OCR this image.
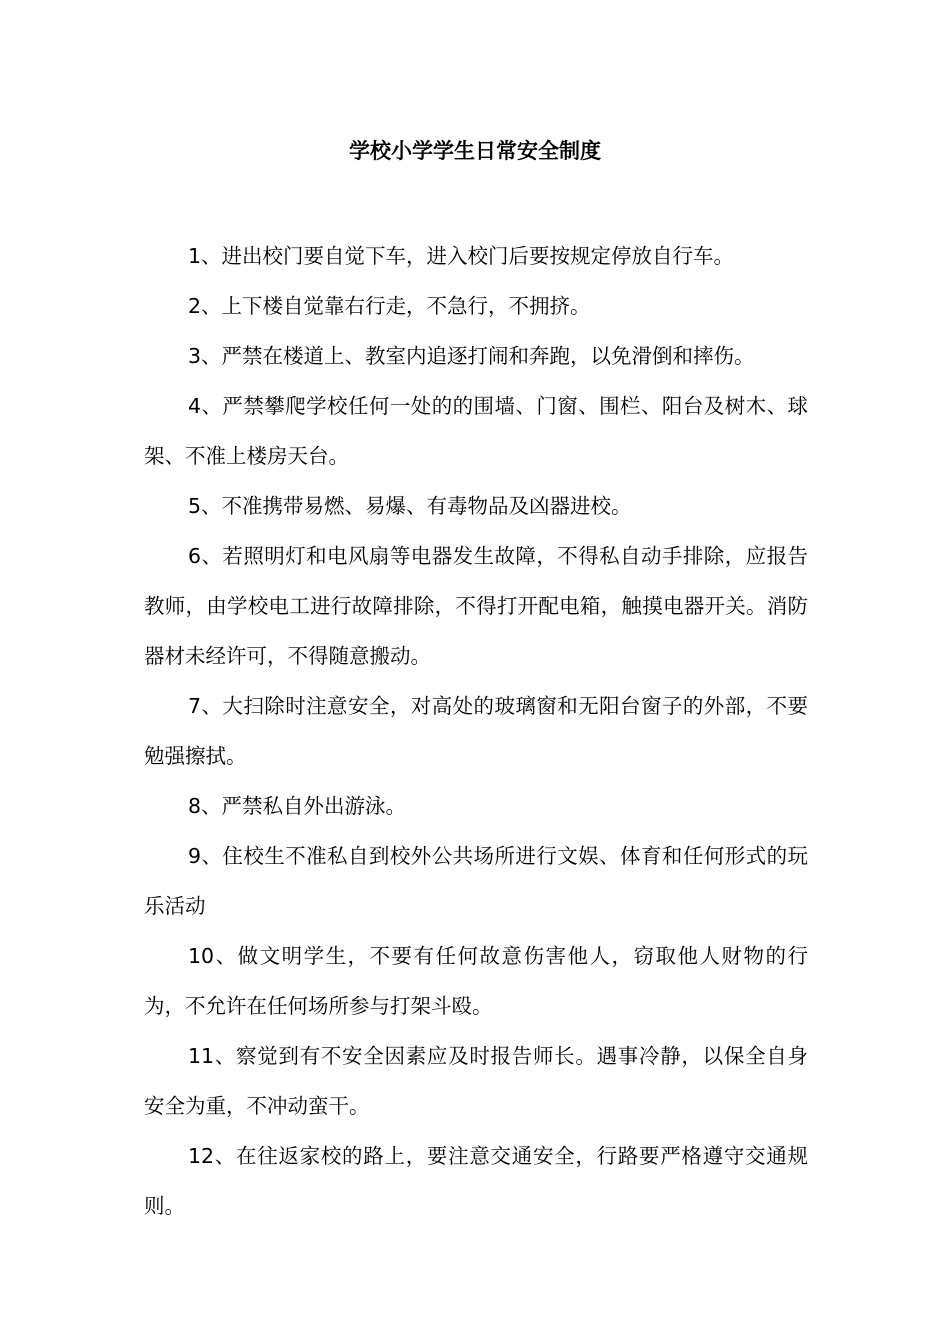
学校小学学生日常安全制度

1、进出校门要自觉下车，进入校门后要按规定停放自行车。

2、上下楼自觉靠右行走，不急行，不拥挤。

3、严禁在楼道上、教室内追逐打闹和奔跑，以免滑倒和摔伤。

4、严禁攀爬学校任何一处的的围墙、门窗、围栏、阳台及树木、球架、不准上楼房天台。

5、不准携带易燃、易爆、有毒物品及凶器进校。

6、若照明灯和电风扇等电器发生故障，不得私自动手排除，应报告教师，由学校电工进行故障排除，不得打开配电箱，触摸电器开关。消防器材未经许可，不得随意搬动。

7、大扫除时注意安全，对高处的玻璃窗和无阳台窗子的外部，不要勉强擦拭。

8、严禁私自外出游泳。

9、住校生不准私自到校外公共场所进行文娱、体育和任何形式的玩乐活动

10、做文明学生，不要有任何故意伤害他人，窃取他人财物的行为，不允许在任何场所参与打架斗殴。

11、察觉到有不安全因素应及时报告师长。遇事冷静，以保全自身安全为重，不冲动蛮干。

12、在往返家校的路上，要注意交通安全，行路要严格遵守交通规则。
